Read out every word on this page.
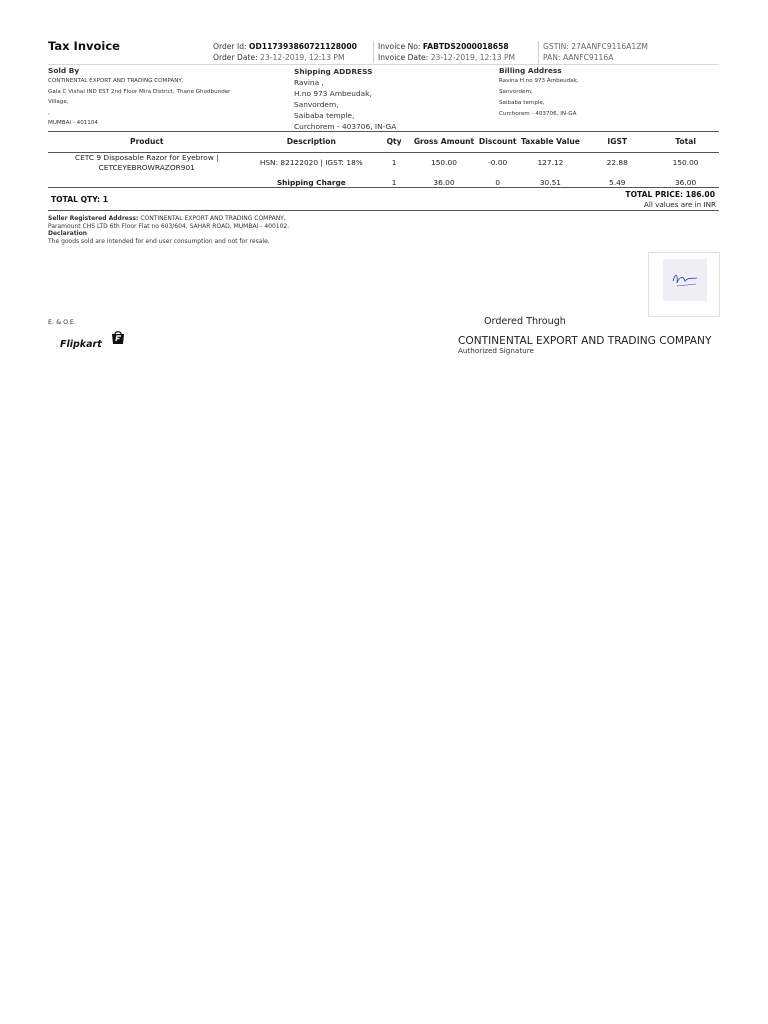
Tax Invoice	Order Id: OD117393860721128000
Order Date: 23-12-2019, 12:13 PM
Invoice No: FABTDS2000018658
Invoice Date: 23-12-2019, 12:13 PM
GSTIN: 27AANFC9116A1ZM
PAN: AANFC9116A
Sold By
CONTINENTAL EXPORT AND TRADING COMPANY,
Gala C Vishal IND EST 2nd Floor Mira District, Thane Ghodbunder
Village,
,
MUMBAI - 401104
Shipping ADDRESS
Ravina ,
H.no 973 Ambeudak,
Sanvordem,
Saibaba temple,
Curchorem - 403706, IN-GA
Billing Address
Ravina H.no 973 Ambeudak,
Sanvordem,
Saibaba temple,
Curchorem - 403706, IN-GA
Product	Description	Qty	Gross Amount	Discount	Taxable Value	IGST	Total
CETC 9 Disposable Razor for Eyebrow | CETCEYEBROWRAZOR901	HSN: 82122020 | IGST: 18%	1	150.00	-0.00	127.12	22.88	150.00
	Shipping Charge	1	36.00	0	30.51	5.49	36.00
TOTAL QTY: 1
TOTAL PRICE: 186.00
All values are in INR
Seller Registered Address: CONTINENTAL EXPORT AND TRADING COMPANY,
Paramount CHS LTD 6th Floor Flat no 603/604, SAHAR ROAD, MUMBAI - 400102.
Declaration
The goods sold are intended for end user consumption and not for resale.
E. & O.E.	Ordered Through
Flipkart	CONTINENTAL EXPORT AND TRADING COMPANY
Authorized Signature
